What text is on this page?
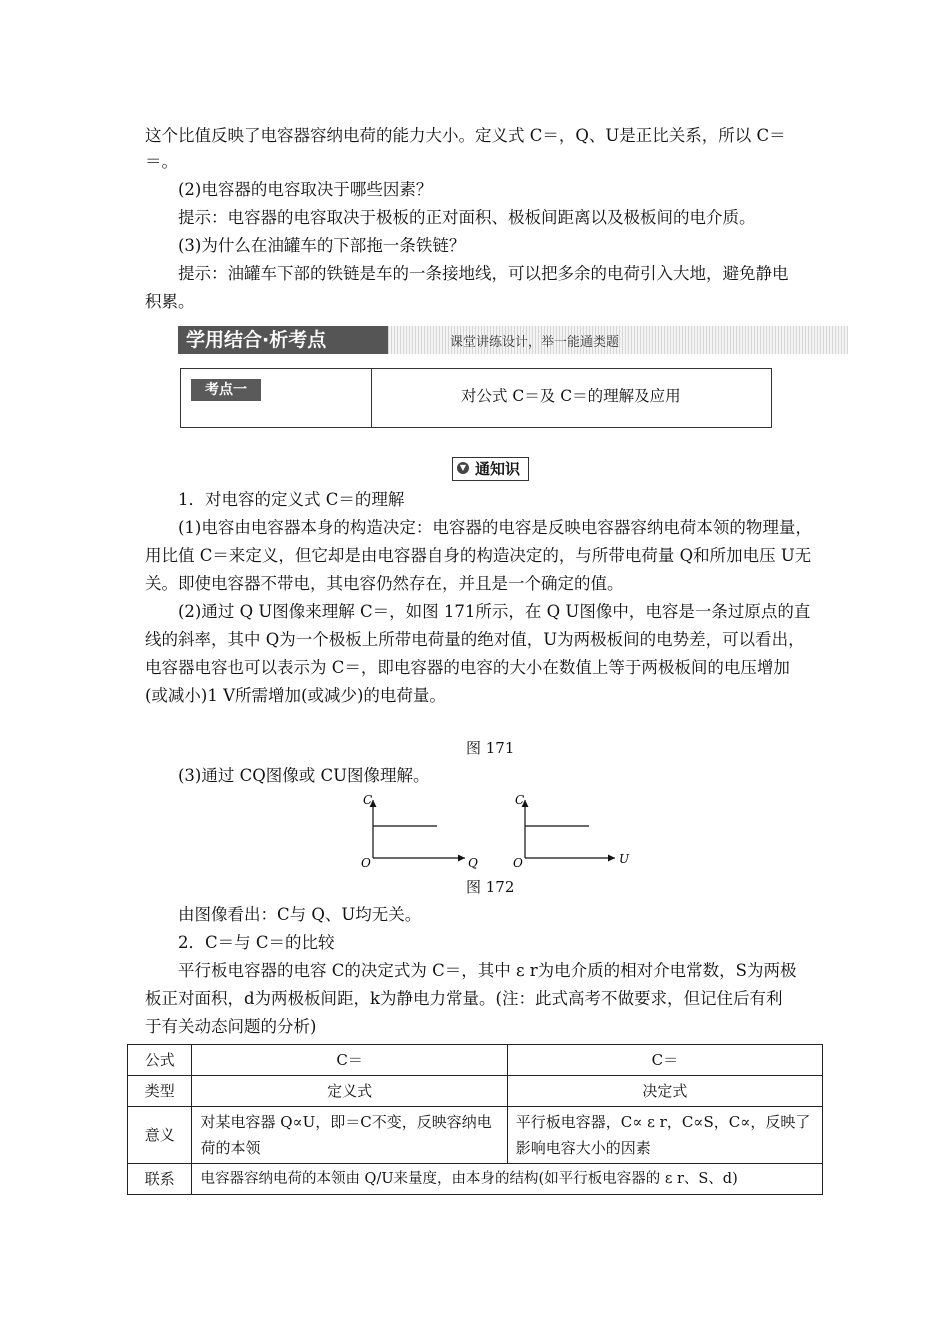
这个比值反映了电容器容纳电荷的能力大小。定义式 C＝，Q、U是正比关系，所以 C＝
＝。
(2)电容器的电容取决于哪些因素？
提示：电容器的电容取决于极板的正对面积、极板间距离以及极板间的电介质。
(3)为什么在油罐车的下部拖一条铁链？
提示：油罐车下部的铁链是车的一条接地线，可以把多余的电荷引入大地，避免静电
积累。
学用结合·析考点	课堂讲练设计，举一能通类题
考点一	对公式 C＝及 C＝的理解及应用
▼ 通知识
1．对电容的定义式 C＝的理解
(1)电容由电容器本身的构造决定：电容器的电容是反映电容器容纳电荷本领的物理量，
用比值 C＝来定义，但它却是由电容器自身的构造决定的，与所带电荷量 Q和所加电压 U无
关。即使电容器不带电，其电容仍然存在，并且是一个确定的值。
(2)通过 Q U图像来理解 C＝，如图 171所示，在 Q U图像中，电容是一条过原点的直
线的斜率，其中 Q为一个极板上所带电荷量的绝对值，U为两极板间的电势差，可以看出，
电容器电容也可以表示为 C＝，即电容器的电容的大小在数值上等于两极板间的电压增加
(或减小)1 V所需增加(或减少)的电荷量。
图 171
(3)通过 CQ图像或 CU图像理解。
C
O	Q
C
O	U
图 172
由图像看出：C与 Q、U均无关。
2．C＝与 C＝的比较
平行板电容器的电容 C的决定式为 C＝，其中 ε r为电介质的相对介电常数，S为两极
板正对面积，d为两极板间距，k为静电力常量。(注：此式高考不做要求，但记住后有利
于有关动态问题的分析)
公式	C＝	C＝
类型	定义式	决定式
意义	对某电容器 Q∝U，即＝C不变，反映容纳电荷的本领	平行板电容器，C∝ ε r，C∝S，C∝，反映了影响电容大小的因素
联系	电容器容纳电荷的本领由 Q/U来量度，由本身的结构(如平行板电容器的 ε r、S、d)	
